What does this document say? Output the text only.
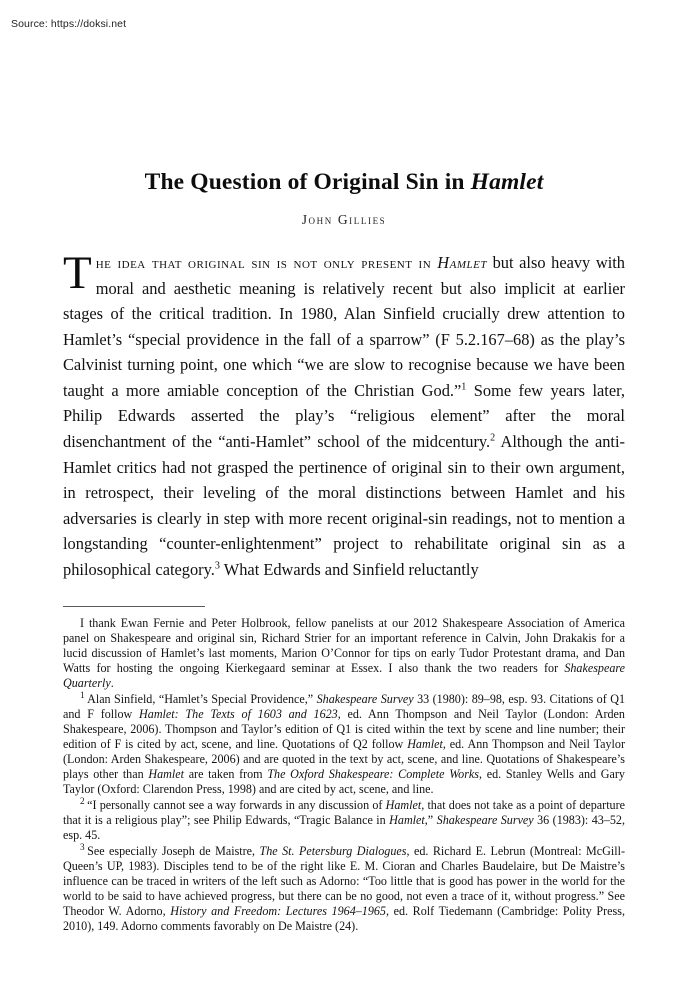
Source: https://doksi.net
The Question of Original Sin in Hamlet
John Gillies

The idea that original sin is not only present in Hamlet but also heavy with moral and aesthetic meaning is relatively recent but also implicit at earlier stages of the critical tradition. In 1980, Alan Sinfield crucially drew attention to Hamlet’s “special providence in the fall of a sparrow” (F 5.2.167–68) as the play’s Calvinist turning point, one which “we are slow to recognise because we have been taught a more amiable conception of the Christian God.”$^1$ Some few years later, Philip Edwards asserted the play’s “religious element” after the moral disenchantment of the “anti-Hamlet” school of the midcentury.$^2$ Although the anti-Hamlet critics had not grasped the pertinence of original sin to their own argument, in retrospect, their leveling of the moral distinctions between Hamlet and his adversaries is clearly in step with more recent original-sin readings, not to mention a longstanding “counter-enlightenment” project to rehabilitate original sin as a philosophical category.$^3$ What Edwards and Sinfield reluctantly

I thank Ewan Fernie and Peter Holbrook, fellow panelists at our 2012 Shakespeare Association of America panel on Shakespeare and original sin, Richard Strier for an important reference in Calvin, John Drakakis for a lucid discussion of Hamlet’s last moments, Marion O’Connor for tips on early Tudor Protestant drama, and Dan Watts for hosting the ongoing Kierkegaard seminar at Essex. I also thank the two readers for Shakespeare Quarterly.

$^1$ Alan Sinfield, “Hamlet’s Special Providence,” Shakespeare Survey 33 (1980): 89–98, esp. 93. Citations of Q1 and F follow Hamlet: The Texts of 1603 and 1623, ed. Ann Thompson and Neil Taylor (London: Arden Shakespeare, 2006). Thompson and Taylor’s edition of Q1 is cited within the text by scene and line number; their edition of F is cited by act, scene, and line. Quotations of Q2 follow Hamlet, ed. Ann Thompson and Neil Taylor (London: Arden Shakespeare, 2006) and are quoted in the text by act, scene, and line. Quotations of Shakespeare’s plays other than Hamlet are taken from The Oxford Shakespeare: Complete Works, ed. Stanley Wells and Gary Taylor (Oxford: Clarendon Press, 1998) and are cited by act, scene, and line.

$^2$ “I personally cannot see a way forwards in any discussion of Hamlet, that does not take as a point of departure that it is a religious play”; see Philip Edwards, “Tragic Balance in Hamlet,” Shakespeare Survey 36 (1983): 43–52, esp. 45.

$^3$ See especially Joseph de Maistre, The St. Petersburg Dialogues, ed. Richard E. Lebrun (Montreal: McGill-Queen’s UP, 1983). Disciples tend to be of the right like E. M. Cioran and Charles Baudelaire, but De Maistre’s influence can be traced in writers of the left such as Adorno: “Too little that is good has power in the world for the world to be said to have achieved progress, but there can be no good, not even a trace of it, without progress.” See Theodor W. Adorno, History and Freedom: Lectures 1964–1965, ed. Rolf Tiedemann (Cambridge: Polity Press, 2010), 149. Adorno comments favorably on De Maistre (24).
